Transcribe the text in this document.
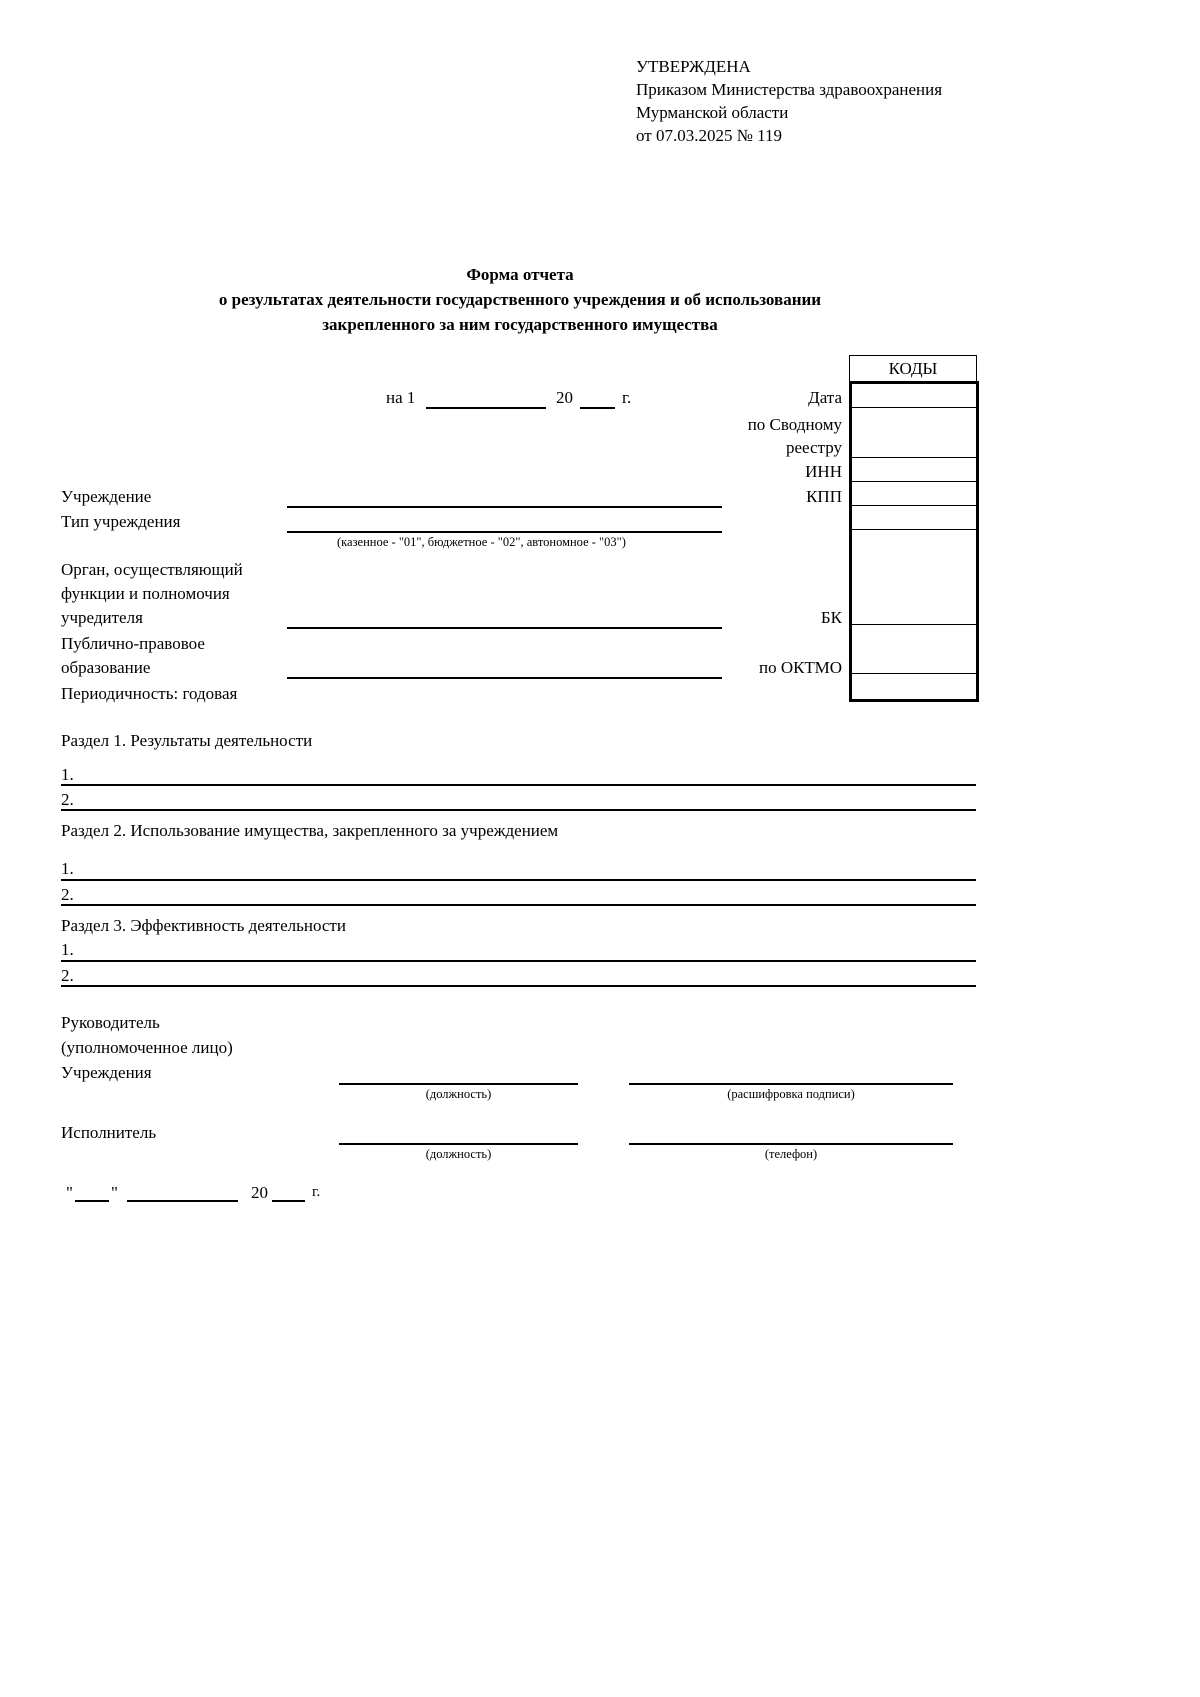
УТВЕРЖДЕНА
Приказом Министерства здравоохранения
Мурманской области
от 07.03.2025 № 119
Форма отчета
о результатах деятельности государственного учреждения и об использовании
закрепленного за ним государственного имущества
на 1	20	г.	Дата
по Сводному
реестру
ИНН
КПП
БК
по ОКТМО
КОДЫ
Учреждение
Тип учреждения
(казенное - "01", бюджетное - "02", автономное - "03")
Орган, осуществляющий
функции и полномочия
учредителя
Публично-правовое
образование
Периодичность: годовая
Раздел 1. Результаты деятельности
1.
2.
Раздел 2. Использование имущества, закрепленного за учреждением
1.
2.
Раздел 3. Эффективность деятельности
1.
2.
Руководитель
(уполномоченное лицо)
Учреждения
(должность)	(расшифровка подписи)
Исполнитель
(должность)	(телефон)
" "	20	г.
